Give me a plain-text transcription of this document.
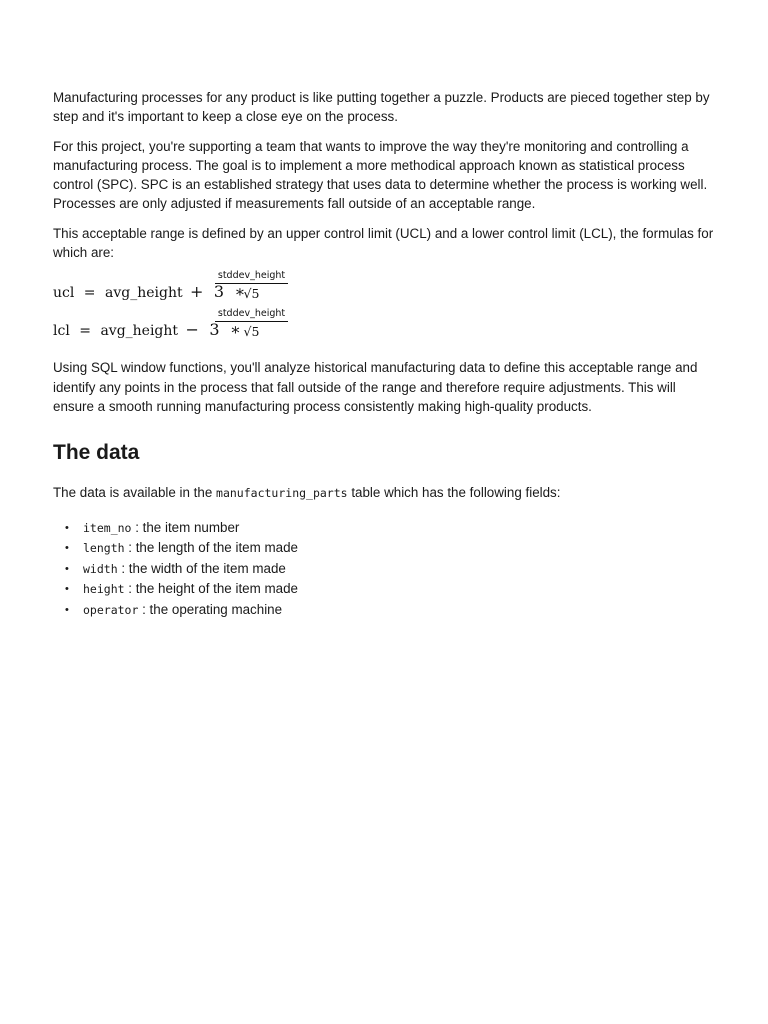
Manufacturing processes for any product is like putting together a puzzle. Products are pieced together step by step and it's important to keep a close eye on the process.

For this project, you're supporting a team that wants to improve the way they're monitoring and controlling a manufacturing process. The goal is to implement a more methodical approach known as statistical process control (SPC). SPC is an established strategy that uses data to determine whether the process is working well. Processes are only adjusted if measurements fall outside of an acceptable range.

This acceptable range is defined by an upper control limit (UCL) and a lower control limit (LCL), the formulas for which are:

ucl = avg_height + 3 ∗
stddev_height
√5
lcl = avg_height − 3 ∗
stddev_height
√5

Using SQL window functions, you'll analyze historical manufacturing data to define this acceptable range and identify any points in the process that fall outside of the range and therefore require adjustments. This will ensure a smooth running manufacturing process consistently making high-quality products.

The data

The data is available in the manufacturing_parts table which has the following fields:

• item_no : the item number
• length : the length of the item made
• width : the width of the item made
• height : the height of the item made
• operator : the operating machine
